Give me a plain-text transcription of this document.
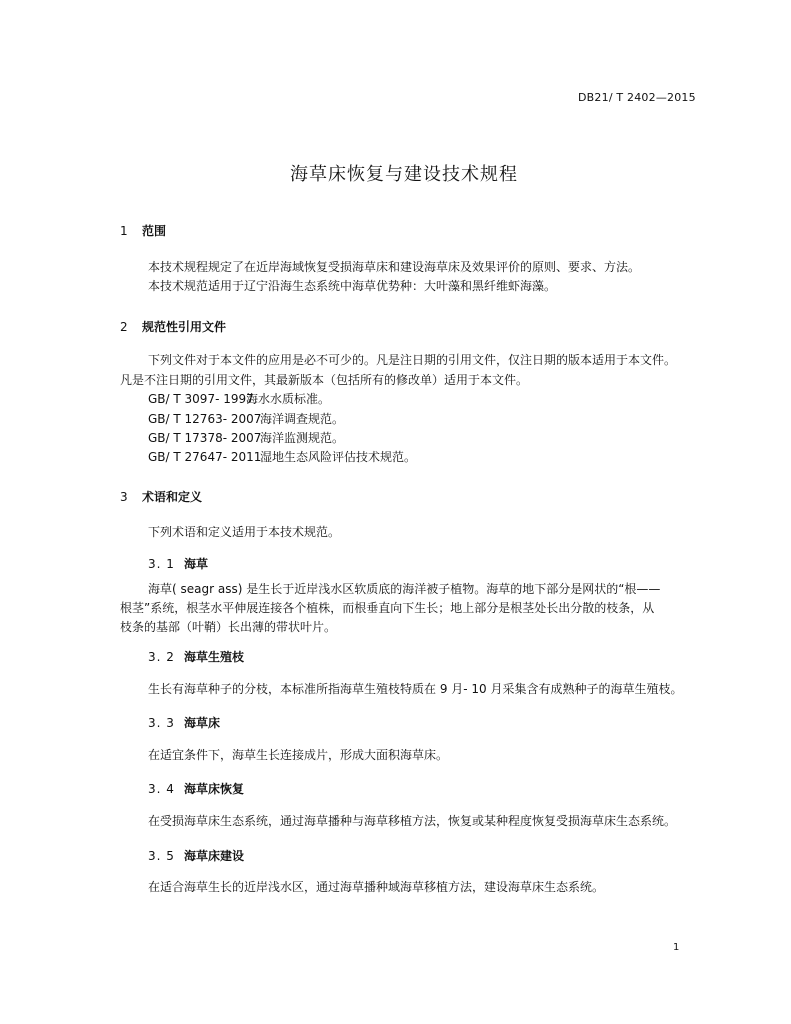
DB21/ T 2402—2015
海草床恢复与建设技术规程
1 范围
本技术规程规定了在近岸海域恢复受损海草床和建设海草床及效果评价的原则、要求、方法。
本技术规范适用于辽宁沿海生态系统中海草优势种：大叶藻和黑纤维虾海藻。
2 规范性引用文件
下列文件对于本文件的应用是必不可少的。凡是注日期的引用文件，仅注日期的版本适用于本文件。
凡是不注日期的引用文件，其最新版本（包括所有的修改单）适用于本文件。
GB/ T 3097- 1997海水水质标准。
GB/ T 12763- 2007海洋调查规范。
GB/ T 17378- 2007海洋监测规范。
GB/ T 27647- 2011湿地生态风险评估技术规范。
3 术语和定义
下列术语和定义适用于本技术规范。
3. 1 海草
海草( seagr ass) 是生长于近岸浅水区软质底的海洋被子植物。海草的地下部分是网状的“根——
根茎”系统，根茎水平伸展连接各个植株，而根垂直向下生长；地上部分是根茎处长出分散的枝条，从
枝条的基部（叶鞘）长出薄的带状叶片。
3. 2 海草生殖枝
生长有海草种子的分枝，本标准所指海草生殖枝特质在 9 月- 10 月采集含有成熟种子的海草生殖枝。
3. 3 海草床
在适宜条件下，海草生长连接成片，形成大面积海草床。
3. 4 海草床恢复
在受损海草床生态系统，通过海草播种与海草移植方法，恢复或某种程度恢复受损海草床生态系统。
3. 5 海草床建设
在适合海草生长的近岸浅水区，通过海草播种域海草移植方法，建设海草床生态系统。
1
